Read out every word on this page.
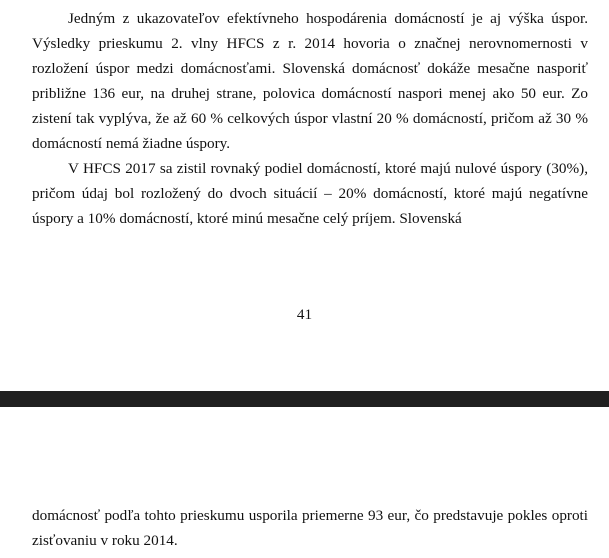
Jedným z ukazovateľov efektívneho hospodárenia domácností je aj výška úspor. Výsledky prieskumu 2. vlny HFCS z r. 2014 hovoria o značnej nerovnomernosti v rozložení úspor medzi domácnosťami. Slovenská domácnosť dokáže mesačne nasporiť približne 136 eur, na druhej strane, polovica domácností naspori menej ako 50 eur. Zo zistení tak vyplýva, že až 60 % celkových úspor vlastní 20 % domácností, pričom až 30 % domácností nemá žiadne úspory.

V HFCS 2017 sa zistil rovnaký podiel domácností, ktoré majú nulové úspory (30%), pričom údaj bol rozložený do dvoch situácií – 20% domácností, ktoré majú negatívne úspory a 10% domácností, ktoré minú mesačne celý príjem. Slovenská

41

domácnosť podľa tohto prieskumu usporila priemerne 93 eur, čo predstavuje pokles oproti zisťovaniu v roku 2014.
